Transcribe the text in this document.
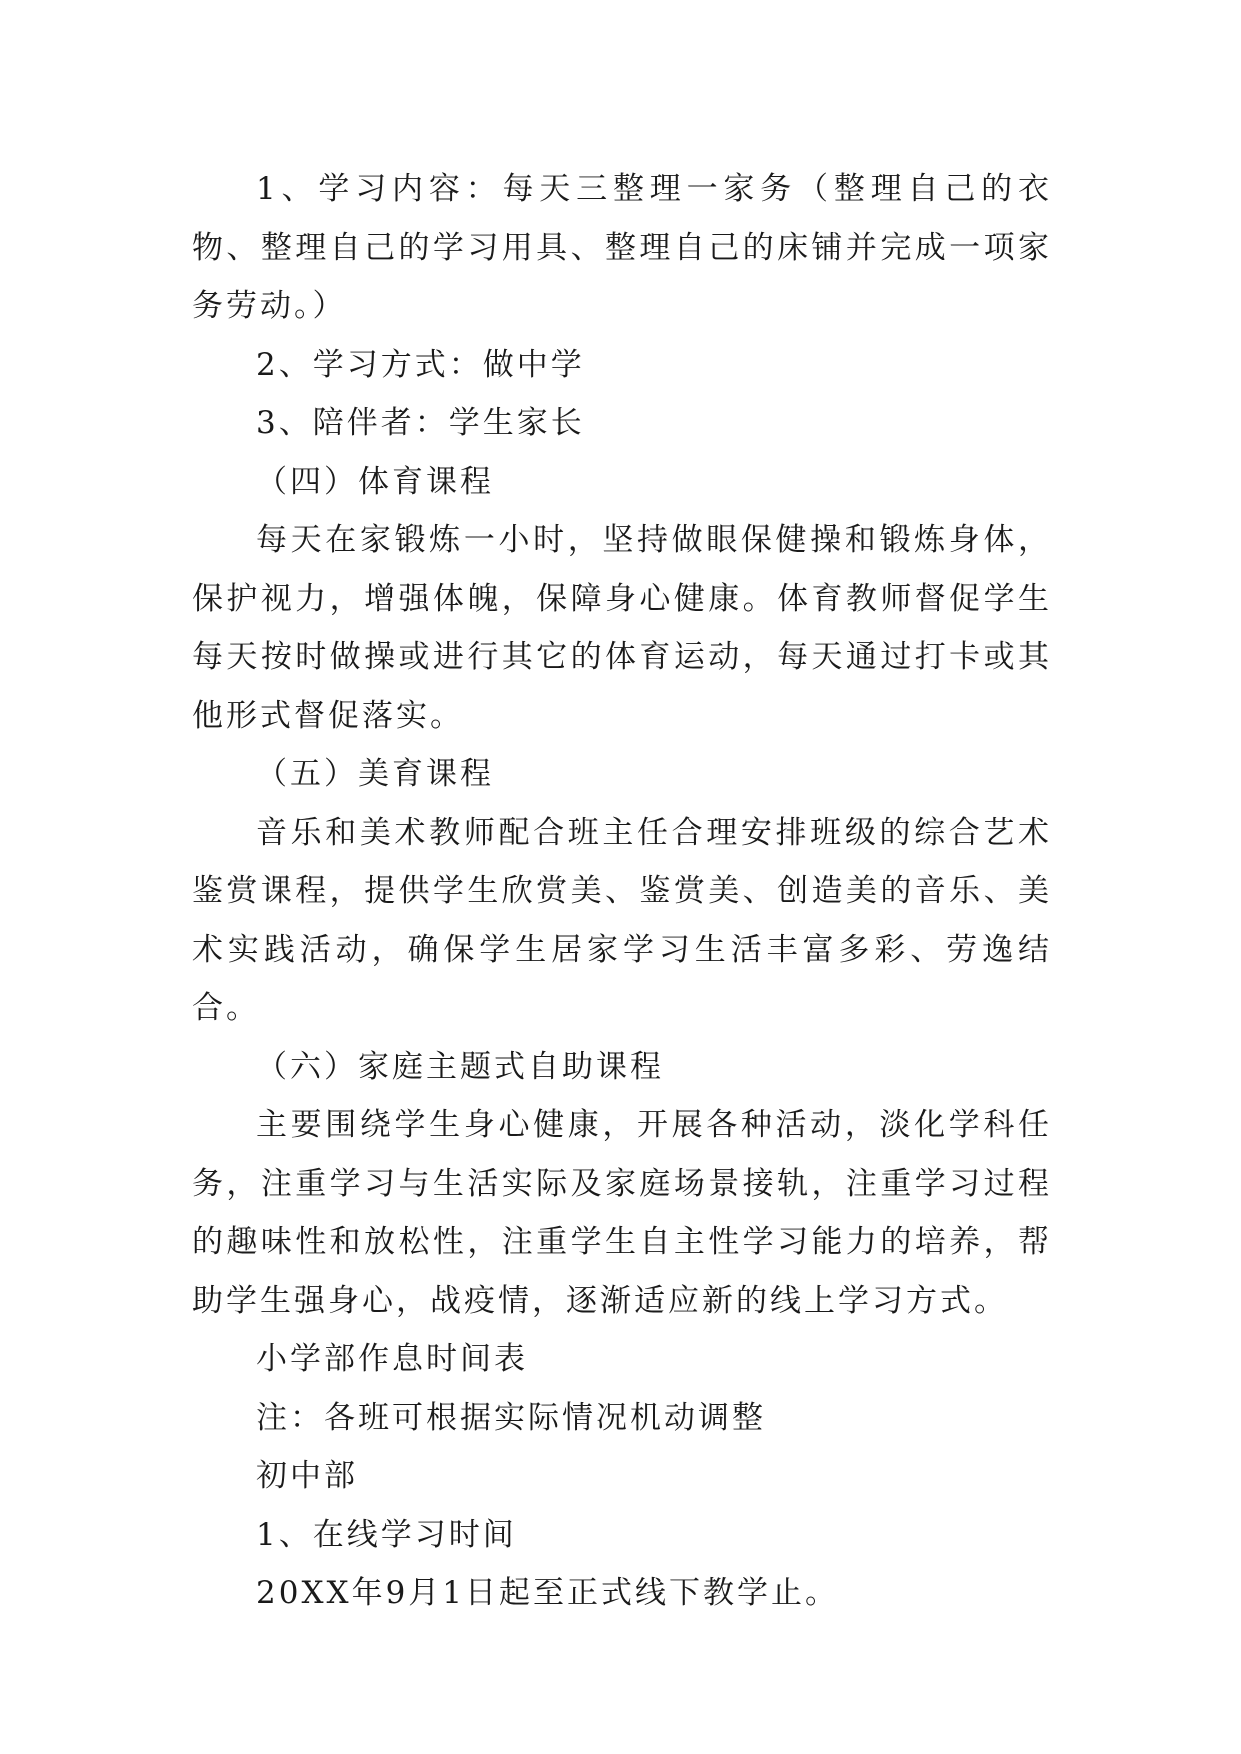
1、学习内容：每天三整理一家务（整理自己的衣物、整理自己的学习用具、整理自己的床铺并完成一项家务劳动。）

2、学习方式：做中学

3、陪伴者：学生家长

（四）体育课程

每天在家锻炼一小时，坚持做眼保健操和锻炼身体，保护视力，增强体魄，保障身心健康。体育教师督促学生每天按时做操或进行其它的体育运动，每天通过打卡或其他形式督促落实。

（五）美育课程

音乐和美术教师配合班主任合理安排班级的综合艺术鉴赏课程，提供学生欣赏美、鉴赏美、创造美的音乐、美术实践活动，确保学生居家学习生活丰富多彩、劳逸结合。

（六）家庭主题式自助课程

主要围绕学生身心健康，开展各种活动，淡化学科任务，注重学习与生活实际及家庭场景接轨，注重学习过程的趣味性和放松性，注重学生自主性学习能力的培养，帮助学生强身心，战疫情，逐渐适应新的线上学习方式。

小学部作息时间表

注：各班可根据实际情况机动调整

初中部

1、在线学习时间

20XX年9月1日起至正式线下教学止。
